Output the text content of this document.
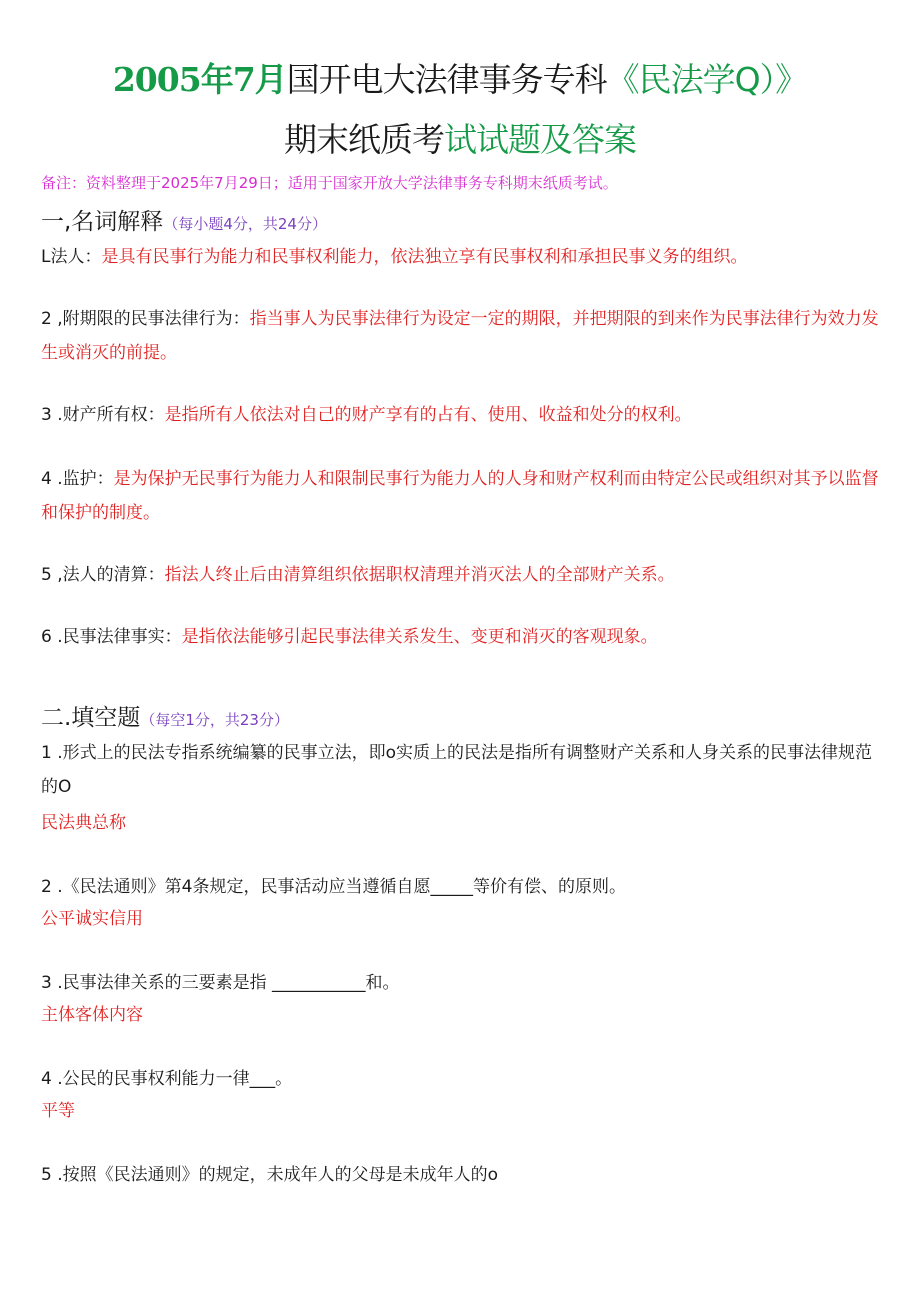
2005年7月国开电大法律事务专科《民法学Q）》
期末纸质考试试题及答案
备注：资料整理于2025年7月29日；适用于国家开放大学法律事务专科期末纸质考试。
一,名词解释（每小题4分，共24分）
L法人：是具有民事行为能力和民事权利能力，依法独立享有民事权利和承担民事义务的组织。
2 ,附期限的民事法律行为：指当事人为民事法律行为设定一定的期限，并把期限的到来作为民事法律行为效力发生或消灭的前提。
3 .财产所有权：是指所有人依法对自己的财产享有的占有、使用、收益和处分的权利。
4 .监护：是为保护无民事行为能力人和限制民事行为能力人的人身和财产权利而由特定公民或组织对其予以监督和保护的制度。
5 ,法人的清算：指法人终止后由清算组织依据职权清理并消灭法人的全部财产关系。
6 .民事法律事实：是指依法能够引起民事法律关系发生、变更和消灭的客观现象。
二.填空题（每空1分，共23分）
1 .形式上的民法专指系统编纂的民事立法，即o实质上的民法是指所有调整财产关系和人身关系的民事法律规范的O
民法典总称
2 .《民法通则》第4条规定，民事活动应当遵循自愿_____等价有偿、的原则。
公平诚实信用
3 .民事法律关系的三要素是指 ___________和。
主体客体内容
4 .公民的民事权利能力一律___。
平等
5 .按照《民法通则》的规定，未成年人的父母是未成年人的o
